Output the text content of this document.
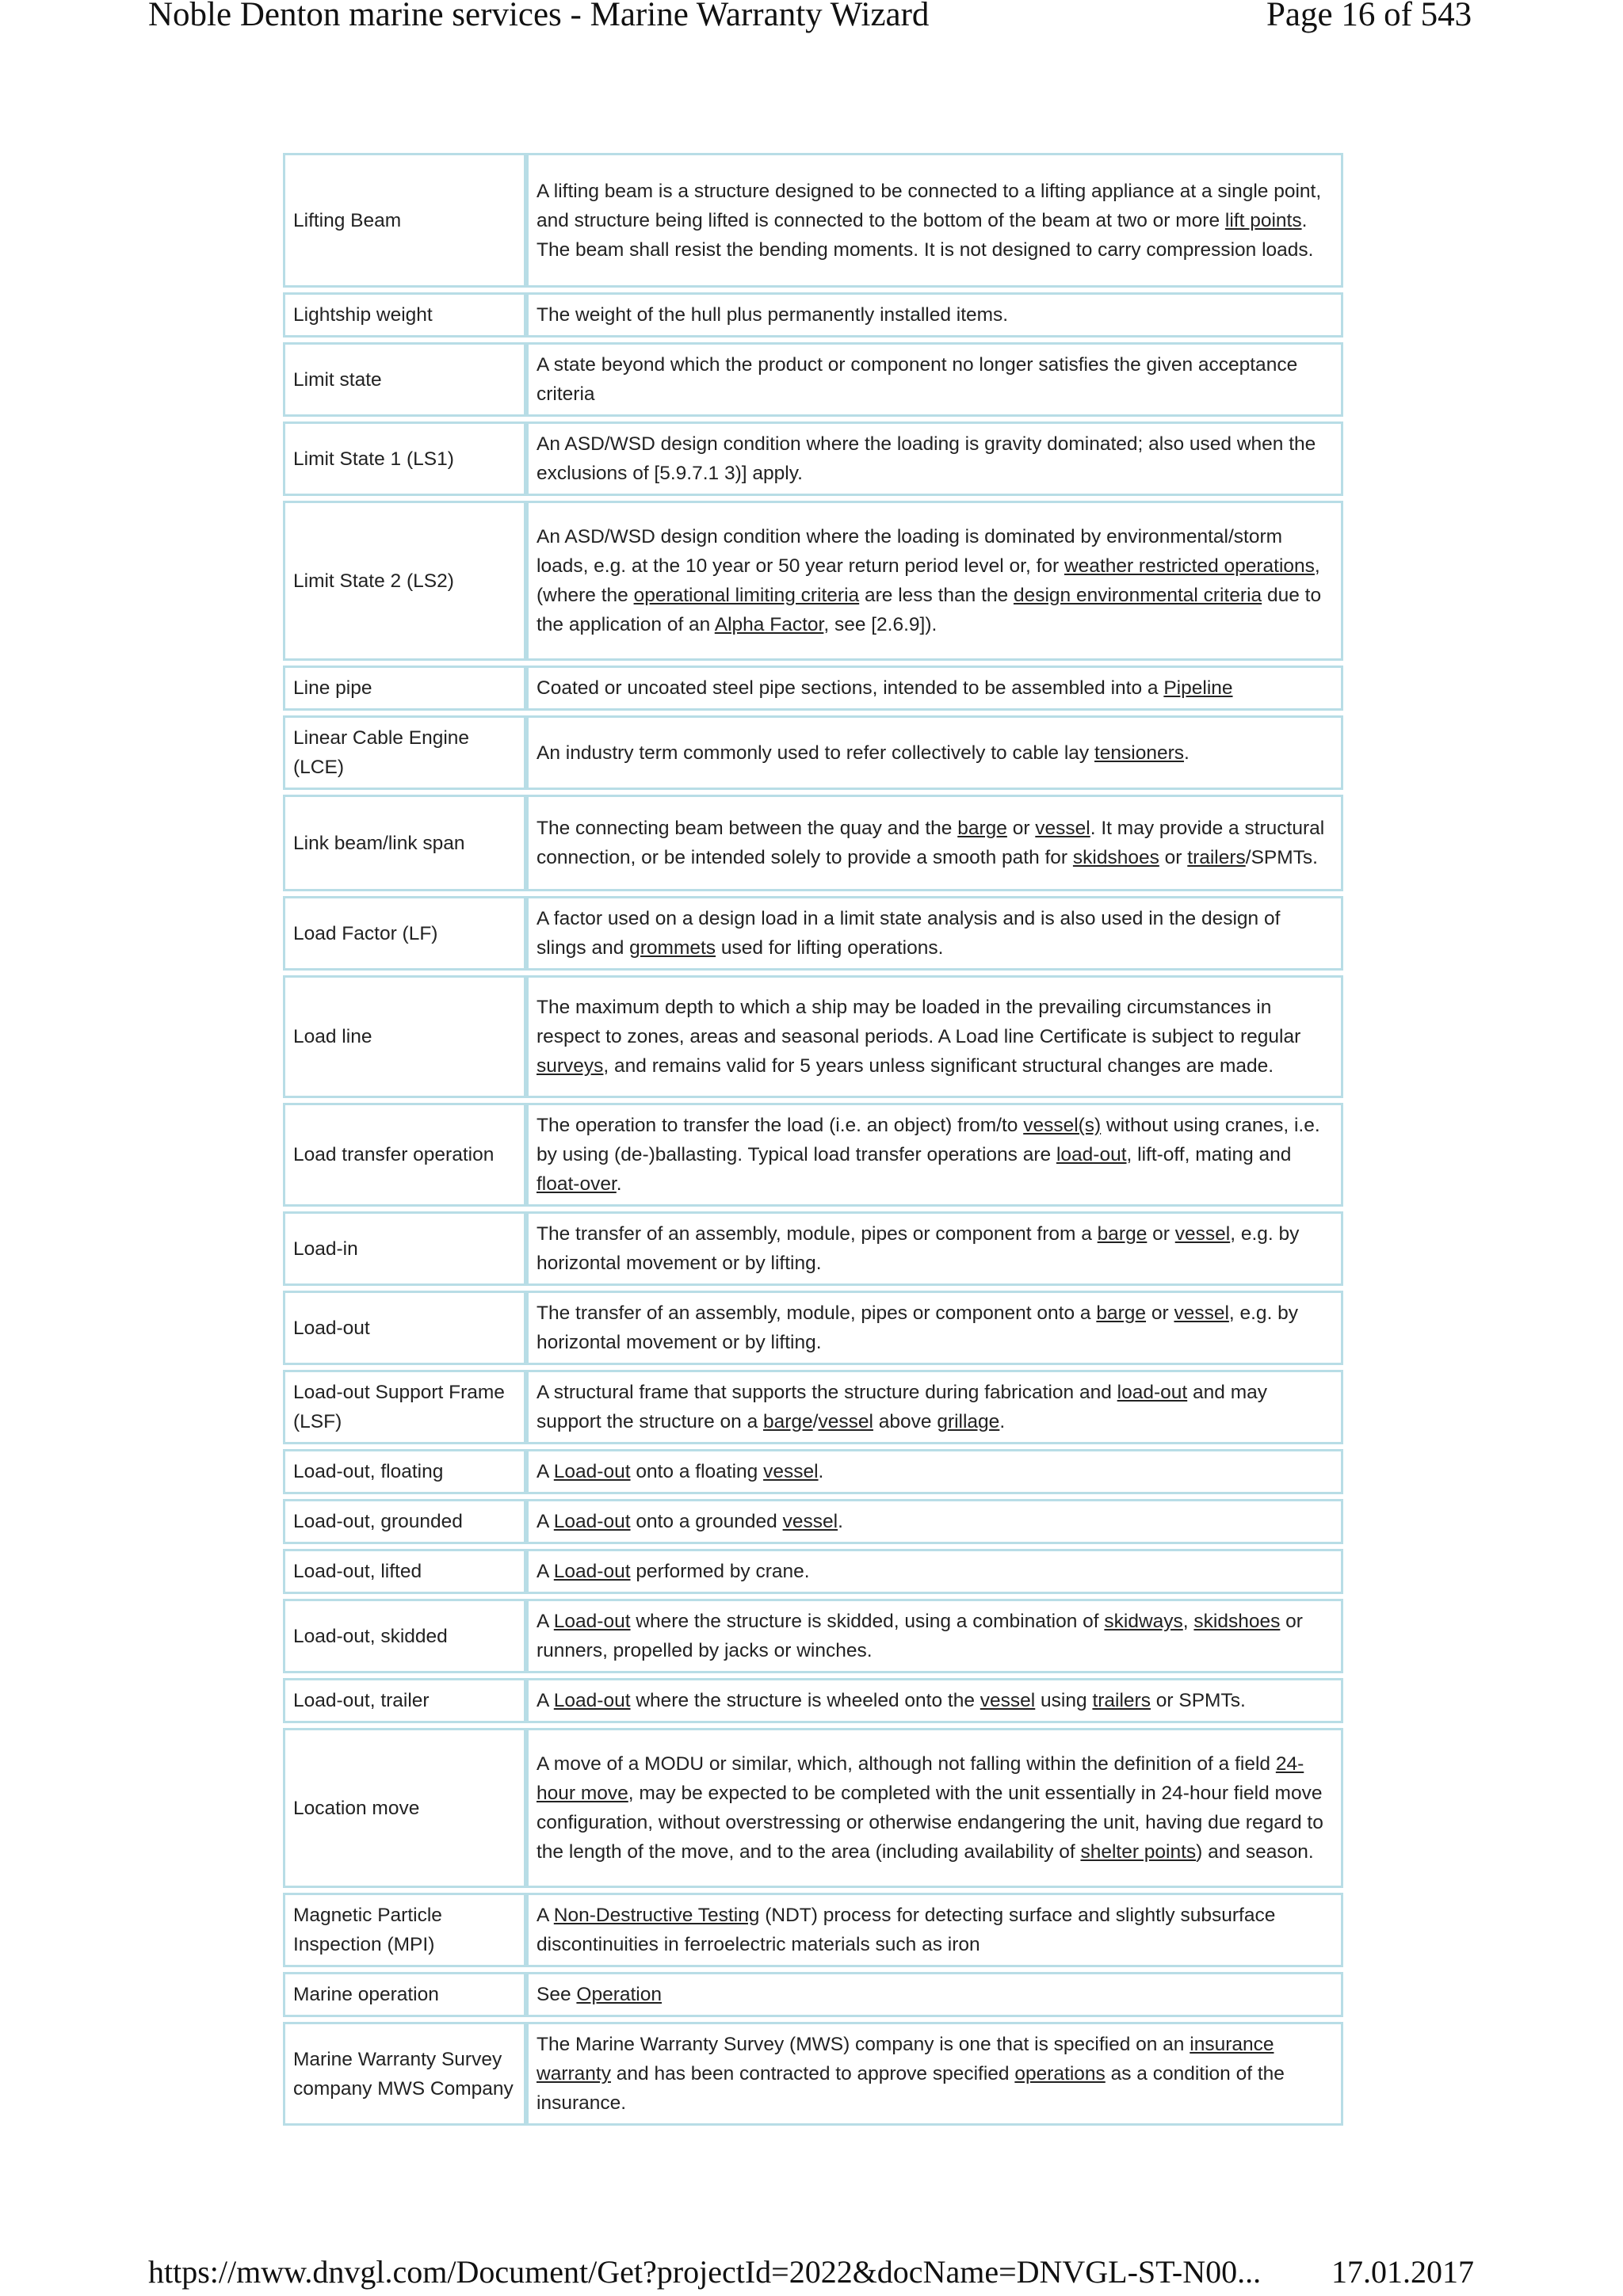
Noble Denton marine services - Marine Warranty Wizard	Page 16 of 543
Lifting Beam	A lifting beam is a structure designed to be connected to a lifting appliance at a single point, and structure being lifted is connected to the bottom of the beam at two or more lift points. The beam shall resist the bending moments. It is not designed to carry compression loads.
Lightship weight	The weight of the hull plus permanently installed items.
Limit state	A state beyond which the product or component no longer satisfies the given acceptance criteria
Limit State 1 (LS1)	An ASD/WSD design condition where the loading is gravity dominated; also used when the exclusions of [5.9.7.1 3)] apply.
Limit State 2 (LS2)	An ASD/WSD design condition where the loading is dominated by environmental/storm loads, e.g. at the 10 year or 50 year return period level or, for weather restricted operations, (where the operational limiting criteria are less than the design environmental criteria due to the application of an Alpha Factor, see [2.6.9]).
Line pipe	Coated or uncoated steel pipe sections, intended to be assembled into a Pipeline
Linear Cable Engine (LCE)	An industry term commonly used to refer collectively to cable lay tensioners.
Link beam/link span	The connecting beam between the quay and the barge or vessel. It may provide a structural connection, or be intended solely to provide a smooth path for skidshoes or trailers/SPMTs.
Load Factor (LF)	A factor used on a design load in a limit state analysis and is also used in the design of slings and grommets used for lifting operations.
Load line	The maximum depth to which a ship may be loaded in the prevailing circumstances in respect to zones, areas and seasonal periods. A Load line Certificate is subject to regular surveys, and remains valid for 5 years unless significant structural changes are made.
Load transfer operation	The operation to transfer the load (i.e. an object) from/to vessel(s) without using cranes, i.e. by using (de-)ballasting. Typical load transfer operations are load-out, lift-off, mating and float-over.
Load-in	The transfer of an assembly, module, pipes or component from a barge or vessel, e.g. by horizontal movement or by lifting.
Load-out	The transfer of an assembly, module, pipes or component onto a barge or vessel, e.g. by horizontal movement or by lifting.
Load-out Support Frame (LSF)	A structural frame that supports the structure during fabrication and load-out and may support the structure on a barge/vessel above grillage.
Load-out, floating	A Load-out onto a floating vessel.
Load-out, grounded	A Load-out onto a grounded vessel.
Load-out, lifted	A Load-out performed by crane.
Load-out, skidded	A Load-out where the structure is skidded, using a combination of skidways, skidshoes or runners, propelled by jacks or winches.
Load-out, trailer	A Load-out where the structure is wheeled onto the vessel using trailers or SPMTs.
Location move	A move of a MODU or similar, which, although not falling within the definition of a field 24-hour move, may be expected to be completed with the unit essentially in 24-hour field move configuration, without overstressing or otherwise endangering the unit, having due regard to the length of the move, and to the area (including availability of shelter points) and season.
Magnetic Particle Inspection (MPI)	A Non-Destructive Testing (NDT) process for detecting surface and slightly subsurface discontinuities in ferroelectric materials such as iron
Marine operation	See Operation
Marine Warranty Survey company MWS Company	The Marine Warranty Survey (MWS) company is one that is specified on an insurance warranty and has been contracted to approve specified operations as a condition of the insurance.
https://mww.dnvgl.com/Document/Get?projectId=2022&docName=DNVGL-ST-N00... 17.01.2017
